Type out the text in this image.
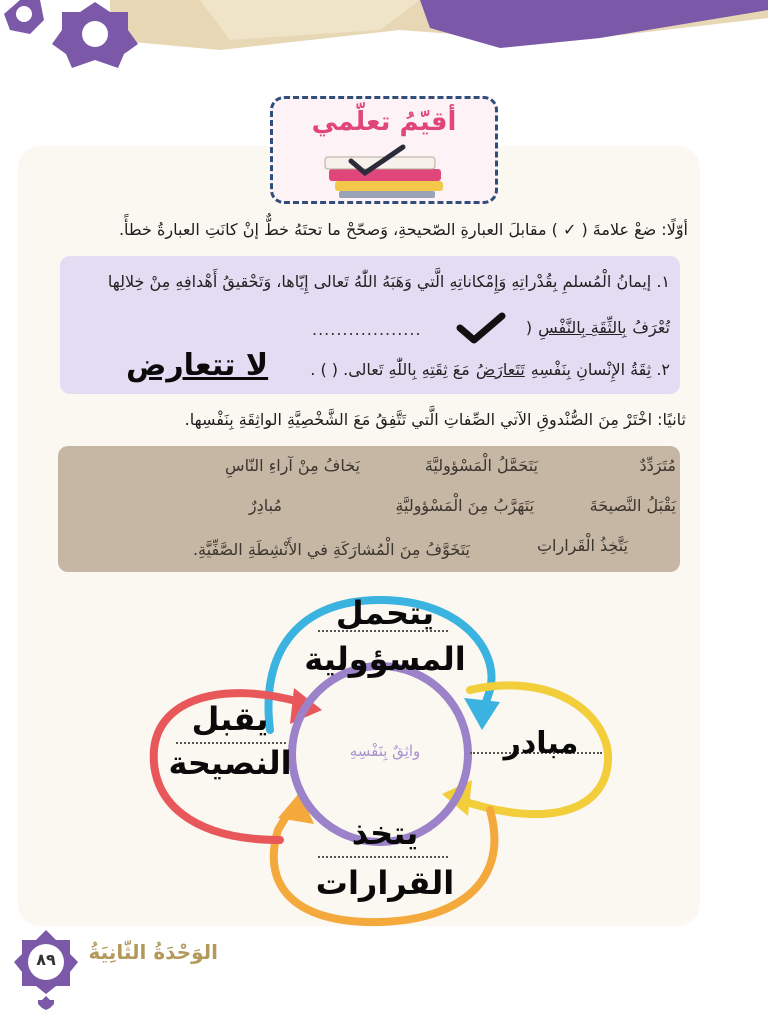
أقيّمُ تعلّمي
أوّلًا: ضعْ علامةَ ( ✓ ) مقابلَ العبارةِ الصّحيحةِ، وَصحّحْ ما تحتَهُ خطٌّ إنْ كانَتِ العبارةُ خطأً.
١. إيمانُ الْمُسلمِ بِقُدْراتِهِ وَإِمْكاناتِهِ الَّتي وَهَبَهُ اللّٰهُ تَعالى إِيّاها، وَتَحْقيقُ أَهْدافِهِ مِنْ خِلالِها
تُعْرَفُ
بِالثِّقَةِ بِالنَّفْسِ
(
..................
٢. ثِقَةُ الإِنْسانِ بِنَفْسِهِ
تَتَعارَضُ
مَعَ ثِقَتِهِ بِاللّٰهِ تَعالى. ( ) .
لا تتعارض
ثانيًا: اخْتَرْ مِنَ الصُّنْدوقِ الآتي الصِّفاتِ الَّتي تَتَّفِقُ مَعَ الشَّخْصِيَّةِ الواثِقَةِ بِنَفْسِها.
مُتَرَدِّدٌ
يَتَحَمَّلُ الْمَسْؤوليَّةَ
يَخافُ مِنْ آراءِ النّاسِ
يَقْبَلُ النَّصيحَةَ
يَتَهَرَّبُ مِنَ الْمَسْؤوليَّةِ
مُبادِرٌ
يَتَّخِذُ الْقَراراتِ
يَتَخَوَّفُ مِنَ الْمُشارَكَةِ في الأَنْشِطَةِ الصَّفِّيَّةِ.
واثِقٌ بِنَفْسِهِ
يتحمل
المسؤولية
يقبل
النصيحة
مبادر
يتخذ
القرارات
٨٩	الوَحْدَةُ الثّانِيَةُ
